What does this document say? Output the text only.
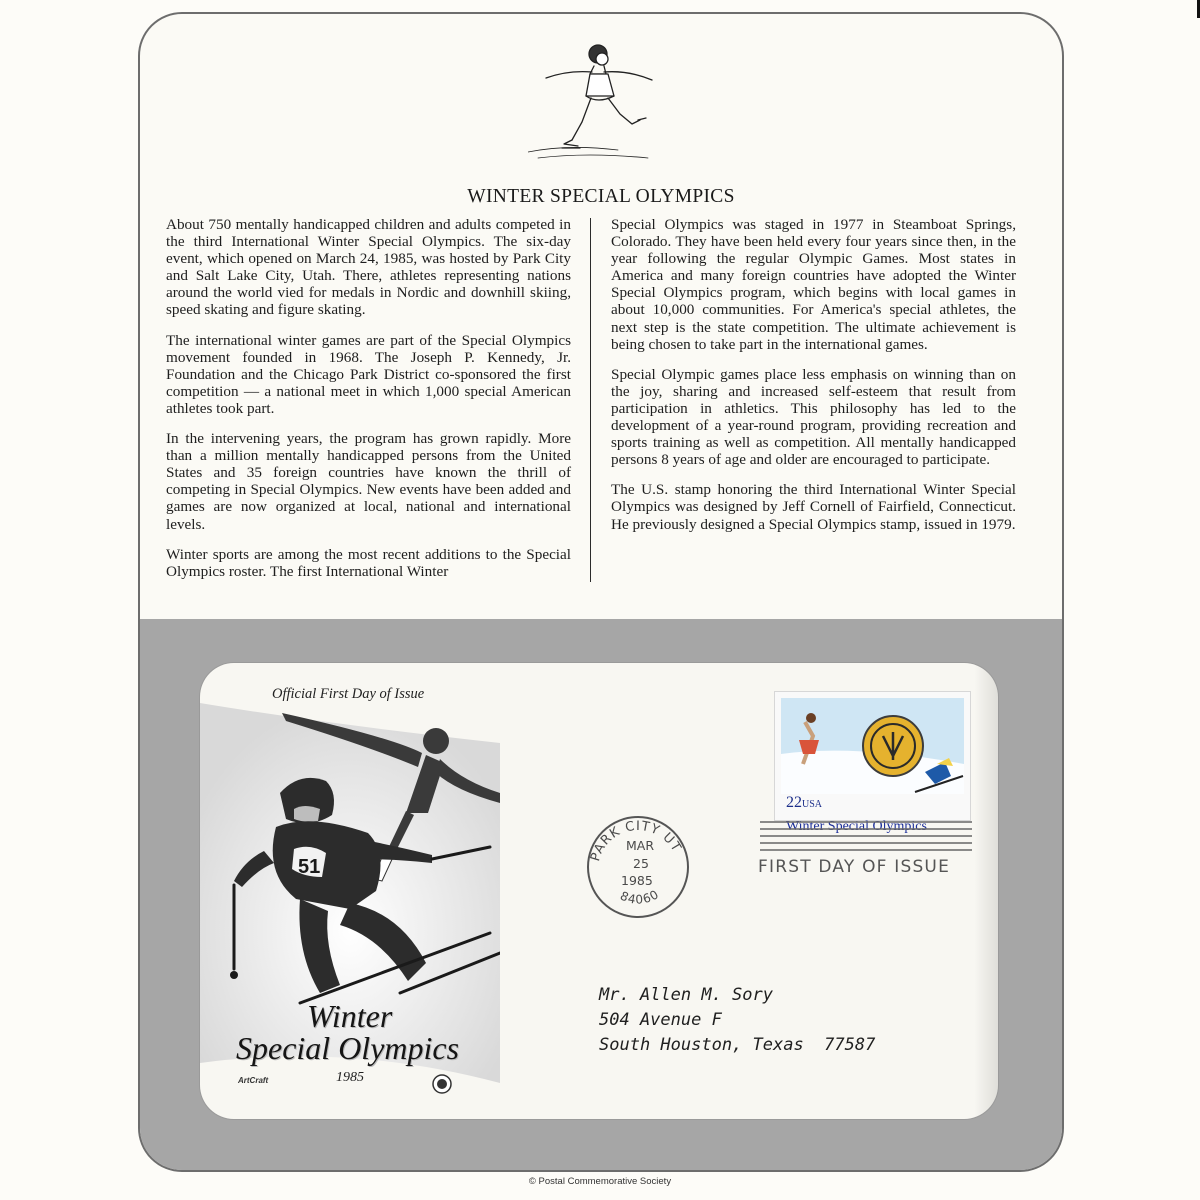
WINTER SPECIAL OLYMPICS

About 750 mentally handicapped children and adults competed in the third International Winter Special Olympics. The six-day event, which opened on March 24, 1985, was hosted by Park City and Salt Lake City, Utah. There, athletes representing nations around the world vied for medals in Nordic and downhill skiing, speed skating and figure skating.

The international winter games are part of the Special Olympics movement founded in 1968. The Joseph P. Kennedy, Jr. Foundation and the Chicago Park District co-sponsored the first competition — a national meet in which 1,000 special American athletes took part.

In the intervening years, the program has grown rapidly. More than a million mentally handicapped persons from the United States and 35 foreign countries have known the thrill of competing in Special Olympics. New events have been added and games are now organized at local, national and international levels.

Winter sports are among the most recent additions to the Special Olympics roster. The first International Winter

Special Olympics was staged in 1977 in Steamboat Springs, Colorado. They have been held every four years since then, in the year following the regular Olympic Games. Most states in America and many foreign countries have adopted the Winter Special Olympics program, which begins with local games in about 10,000 communities. For America's special athletes, the next step is the state competition. The ultimate achievement is being chosen to take part in the international games.

Special Olympic games place less emphasis on winning than on the joy, sharing and increased self-esteem that result from participation in athletics. This philosophy has led to the development of a year-round program, providing recreation and sports training as well as competition. All mentally handicapped persons 8 years of age and older are encouraged to participate.

The U.S. stamp honoring the third International Winter Special Olympics was designed by Jeff Cornell of Fairfield, Connecticut. He previously designed a Special Olympics stamp, issued in 1979.

51
Official First Day of Issue
Winter
Special Olympics
1985
ArtCraft
22USA
Winter Special Olympics
FIRST DAY OF ISSUE
PARK CITY UT
84060
MAR
25
1985
Mr. Allen M. Sory
504 Avenue F
South Houston, Texas  77587
© Postal Commemorative Society
